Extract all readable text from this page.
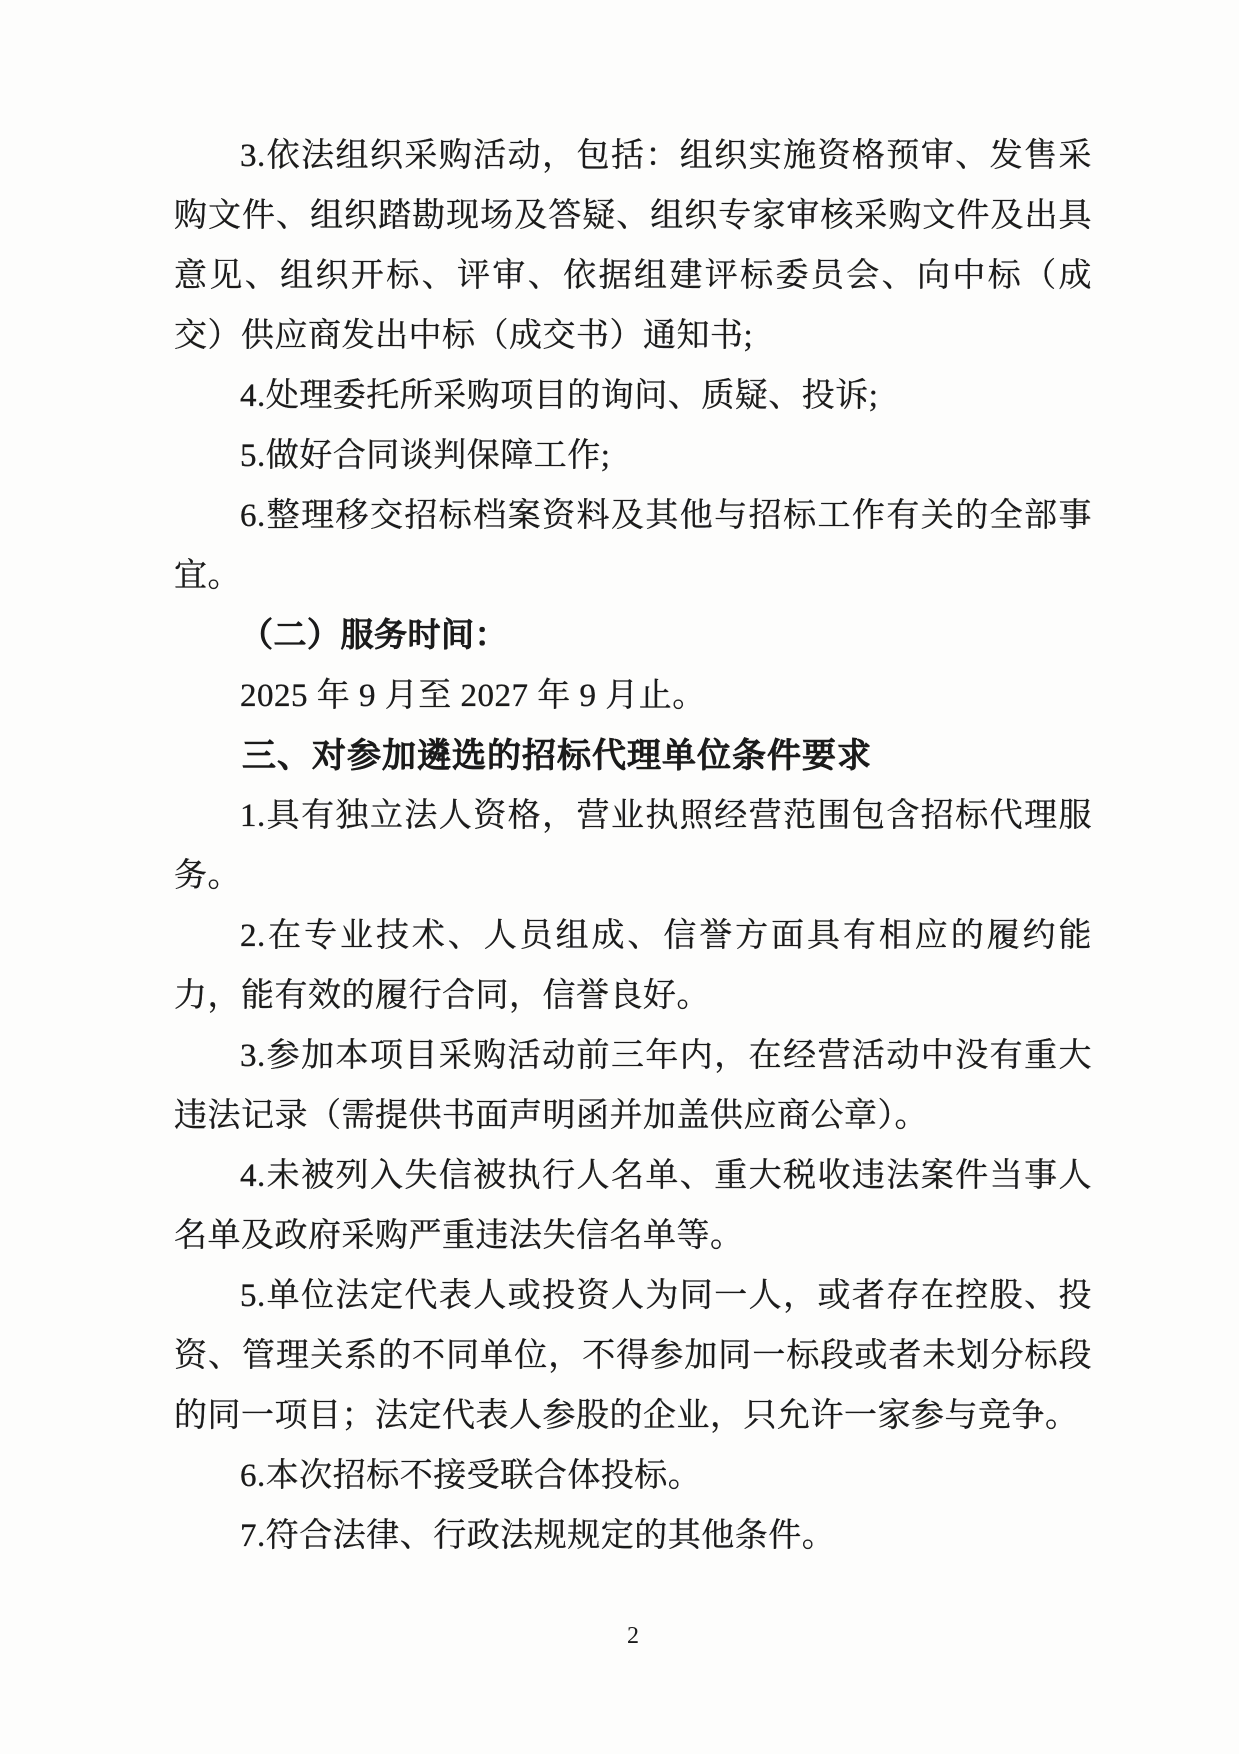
3.依法组织采购活动，包括：组织实施资格预审、发售采购文件、组织踏勘现场及答疑、组织专家审核采购文件及出具意见、组织开标、评审、依据组建评标委员会、向中标（成交）供应商发出中标（成交书）通知书;

4.处理委托所采购项目的询问、质疑、投诉;

5.做好合同谈判保障工作;

6.整理移交招标档案资料及其他与招标工作有关的全部事宜。

（二）服务时间：

2025 年 9 月至 2027 年 9 月止。

三、对参加遴选的招标代理单位条件要求

1.具有独立法人资格，营业执照经营范围包含招标代理服务。

2.在专业技术、人员组成、信誉方面具有相应的履约能力，能有效的履行合同，信誉良好。

3.参加本项目采购活动前三年内，在经营活动中没有重大违法记录（需提供书面声明函并加盖供应商公章）。

4.未被列入失信被执行人名单、重大税收违法案件当事人名单及政府采购严重违法失信名单等。

5.单位法定代表人或投资人为同一人，或者存在控股、投资、管理关系的不同单位，不得参加同一标段或者未划分标段的同一项目；法定代表人参股的企业，只允许一家参与竞争。

6.本次招标不接受联合体投标。

7.符合法律、行政法规规定的其他条件。

2
